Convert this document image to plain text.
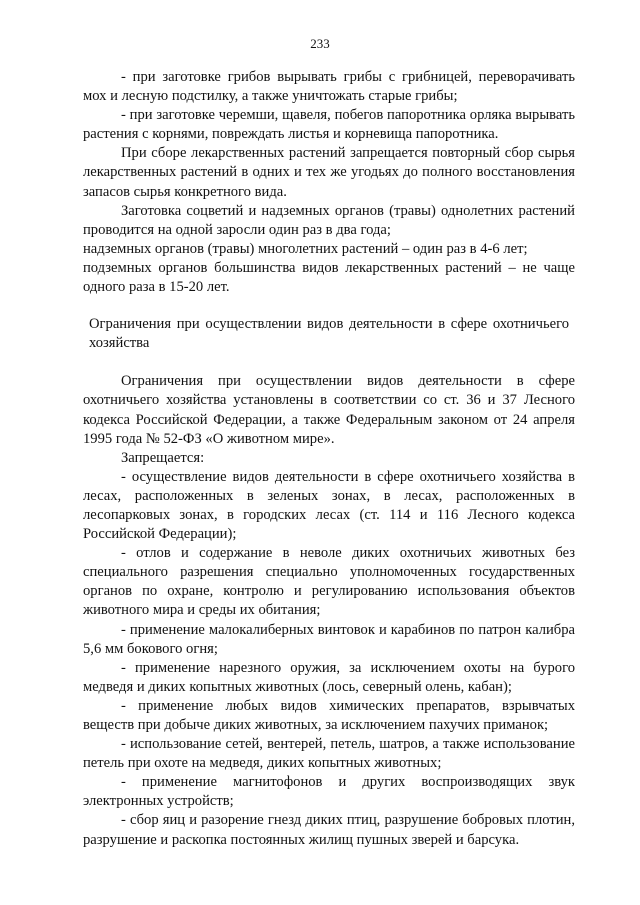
233

- при заготовке грибов вырывать грибы с грибницей, переворачивать мох и лесную подстилку, а также уничтожать старые грибы;

- при заготовке черемши, щавеля, побегов папоротника орляка вырывать растения с корнями, повреждать листья и корневища папоротника.

При сборе лекарственных растений запрещается повторный сбор сырья лекарственных растений в одних и тех же угодьях до полного восстановления запасов сырья конкретного вида.

Заготовка соцветий и надземных органов (травы) однолетних растений проводится на одной заросли один раз в два года;

надземных органов (травы) многолетних растений – один раз в 4-6 лет;

подземных органов большинства видов лекарственных растений – не чаще одного раза в 15-20 лет.

Ограничения при осуществлении видов деятельности в сфере охотничьего хозяйства

Ограничения при осуществлении видов деятельности в сфере охотничьего хозяйства установлены в соответствии со ст. 36 и 37 Лесного кодекса Российской Федерации, а также Федеральным законом от 24 апреля 1995 года № 52-ФЗ «О животном мире».

Запрещается:

- осуществление видов деятельности в сфере охотничьего хозяйства в лесах, расположенных в зеленых зонах, в лесах, расположенных в лесопарковых зонах, в городских лесах (ст. 114 и 116 Лесного кодекса Российской Федерации);

- отлов и содержание в неволе диких охотничьих животных без специального разрешения специально уполномоченных государственных органов по охране, контролю и регулированию использования объектов животного мира и среды их обитания;

- применение малокалиберных винтовок и карабинов по патрон калибра 5,6 мм бокового огня;

- применение нарезного оружия, за исключением охоты на бурого медведя и диких копытных животных (лось, северный олень, кабан);

- применение любых видов химических препаратов, взрывчатых веществ при добыче диких животных, за исключением пахучих приманок;

- использование сетей, вентерей, петель, шатров, а также использование петель при охоте на медведя, диких копытных животных;

- применение магнитофонов и других воспроизводящих звук электронных устройств;

- сбор яиц и разорение гнезд диких птиц, разрушение бобровых плотин, разрушение и раскопка постоянных жилищ пушных зверей и барсука.
